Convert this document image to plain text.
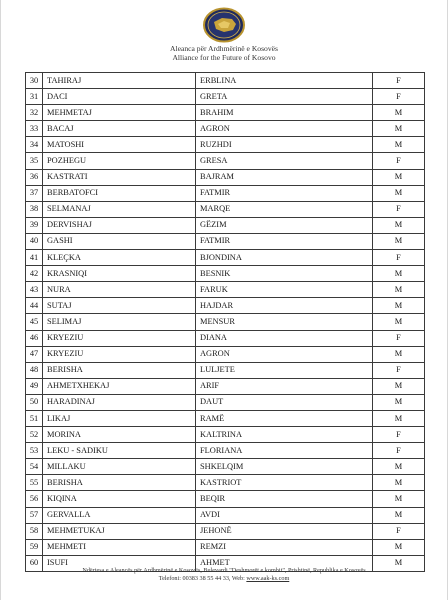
Aleanca për Ardhmërinë e Kosovës
Alliance for the Future of Kosovo
30	TAHIRAJ	ERBLINA	F
31	DACI	GRETA	F
32	MEHMETAJ	BRAHIM	M
33	BACAJ	AGRON	M
34	MATOSHI	RUZHDI	M
35	POZHEGU	GRESA	F
36	KASTRATI	BAJRAM	M
37	BERBATOFCI	FATMIR	M
38	SELMANAJ	MARQE	F
39	DERVISHAJ	GËZIM	M
40	GASHI	FATMIR	M
41	KLEÇKA	BJONDINA	F
42	KRASNIQI	BESNIK	M
43	NURA	FARUK	M
44	SUTAJ	HAJDAR	M
45	SELIMAJ	MENSUR	M
46	KRYEZIU	DIANA	F
47	KRYEZIU	AGRON	M
48	BERISHA	LULJETE	F
49	AHMETXHEKAJ	ARIF	M
50	HARADINAJ	DAUT	M
51	LIKAJ	RAMË	M
52	MORINA	KALTRINA	F
53	LEKU - SADIKU	FLORIANA	F
54	MILLAKU	SHKELQIM	M
55	BERISHA	KASTRIOT	M
56	KIQINA	BEQIR	M
57	GERVALLA	AVDI	M
58	MEHMETUKAJ	JEHONË	F
59	MEHMETI	REMZI	M
60	ISUFI	AHMET	M
Ndërtesa e Aleancës për Ardhmërinë e Kosovës, Bulevardi "Deshmorët e kombit", Prishtinë, Republika e Kosovës
Telefoni: 00383 38 55 44 33, Web: www.aak-ks.com
